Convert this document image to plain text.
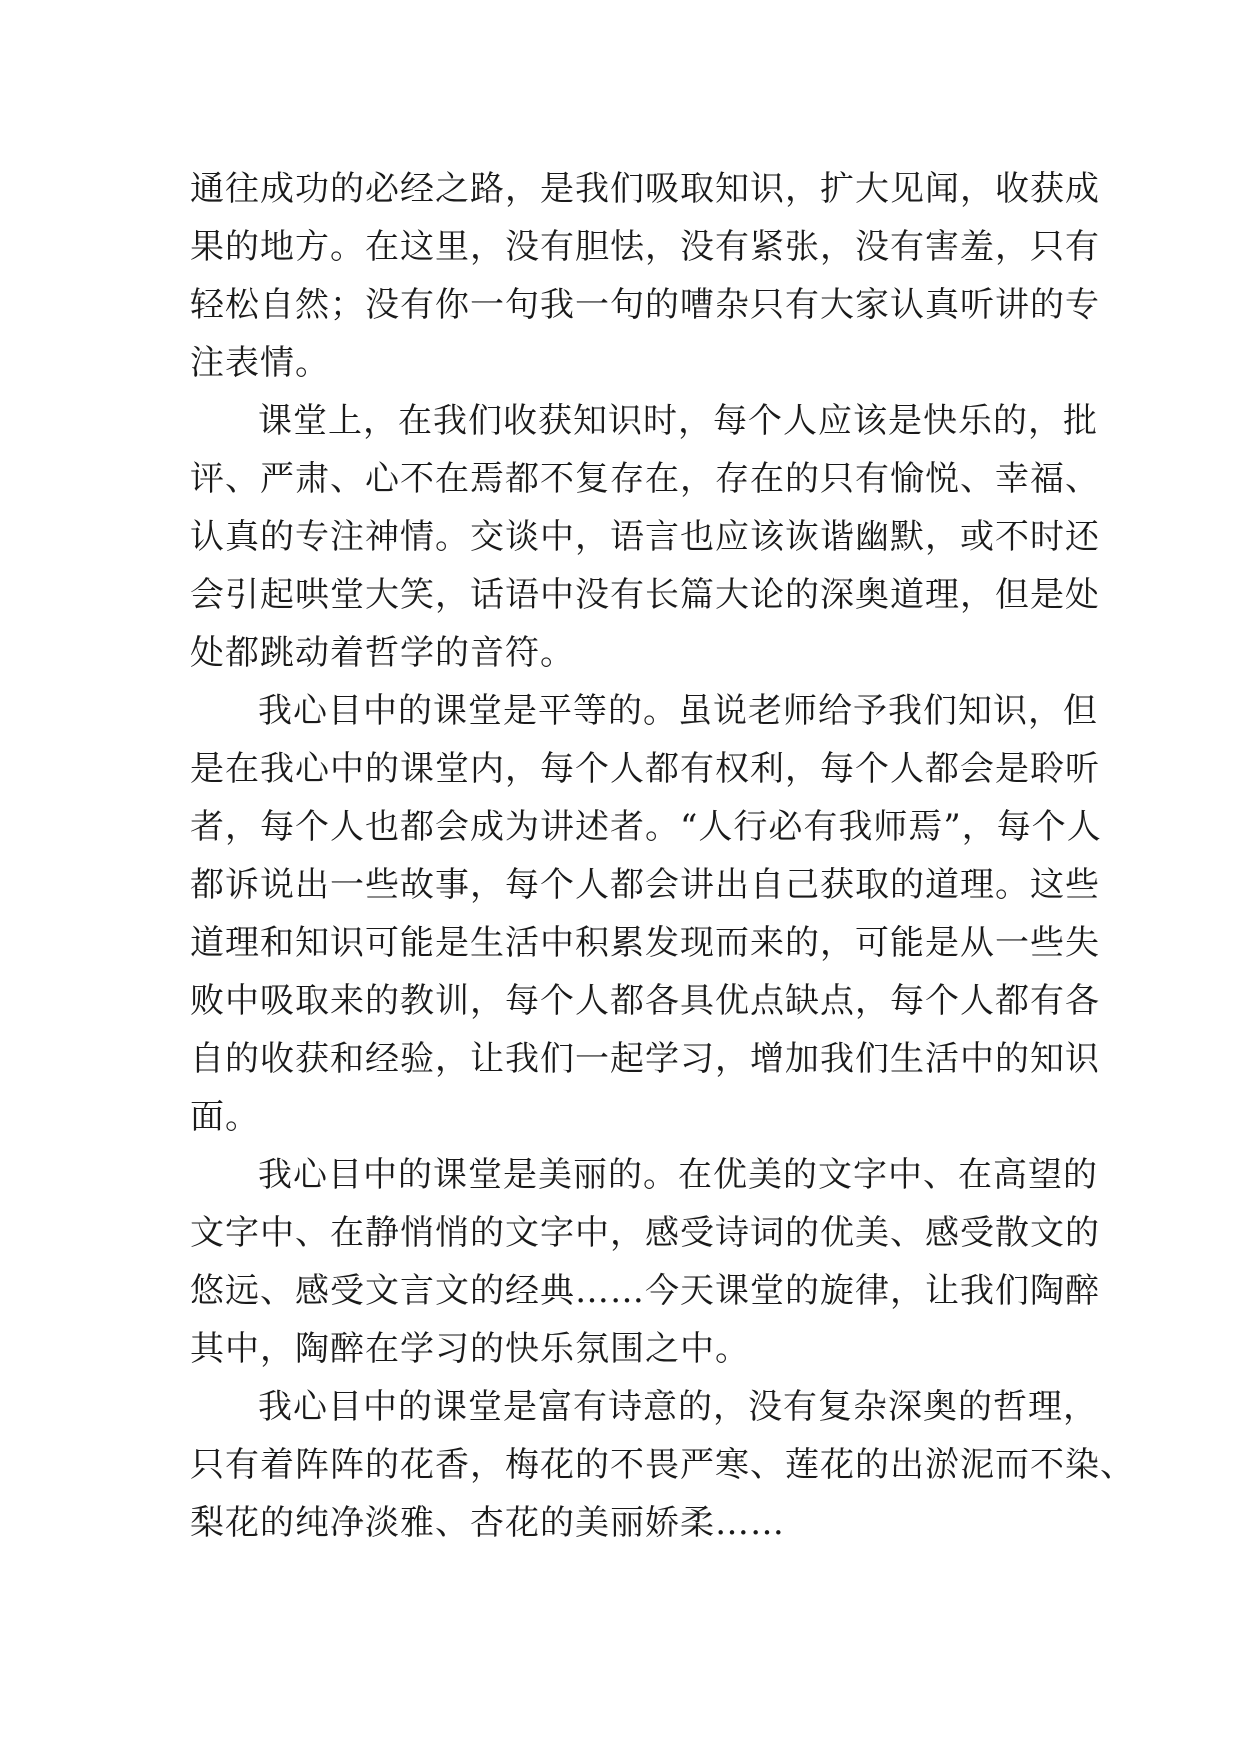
通往成功的必经之路，是我们吸取知识，扩大见闻，收获成
果的地方。在这里，没有胆怯，没有紧张，没有害羞，只有
轻松自然；没有你一句我一句的嘈杂只有大家认真听讲的专
注表情。

课堂上，在我们收获知识时，每个人应该是快乐的，批
评、严肃、心不在焉都不复存在，存在的只有愉悦、幸福、
认真的专注神情。交谈中，语言也应该诙谐幽默，或不时还
会引起哄堂大笑，话语中没有长篇大论的深奥道理，但是处
处都跳动着哲学的音符。

我心目中的课堂是平等的。虽说老师给予我们知识，但
是在我心中的课堂内，每个人都有权利，每个人都会是聆听
者，每个人也都会成为讲述者。“人行必有我师焉”，每个人
都诉说出一些故事，每个人都会讲出自己获取的道理。这些
道理和知识可能是生活中积累发现而来的，可能是从一些失
败中吸取来的教训，每个人都各具优点缺点，每个人都有各
自的收获和经验，让我们一起学习，增加我们生活中的知识
面。

我心目中的课堂是美丽的。在优美的文字中、在高望的
文字中、在静悄悄的文字中，感受诗词的优美、感受散文的
悠远、感受文言文的经典……今天课堂的旋律，让我们陶醉
其中，陶醉在学习的快乐氛围之中。

我心目中的课堂是富有诗意的，没有复杂深奥的哲理，
只有着阵阵的花香，梅花的不畏严寒、莲花的出淤泥而不染、
梨花的纯净淡雅、杏花的美丽娇柔……
